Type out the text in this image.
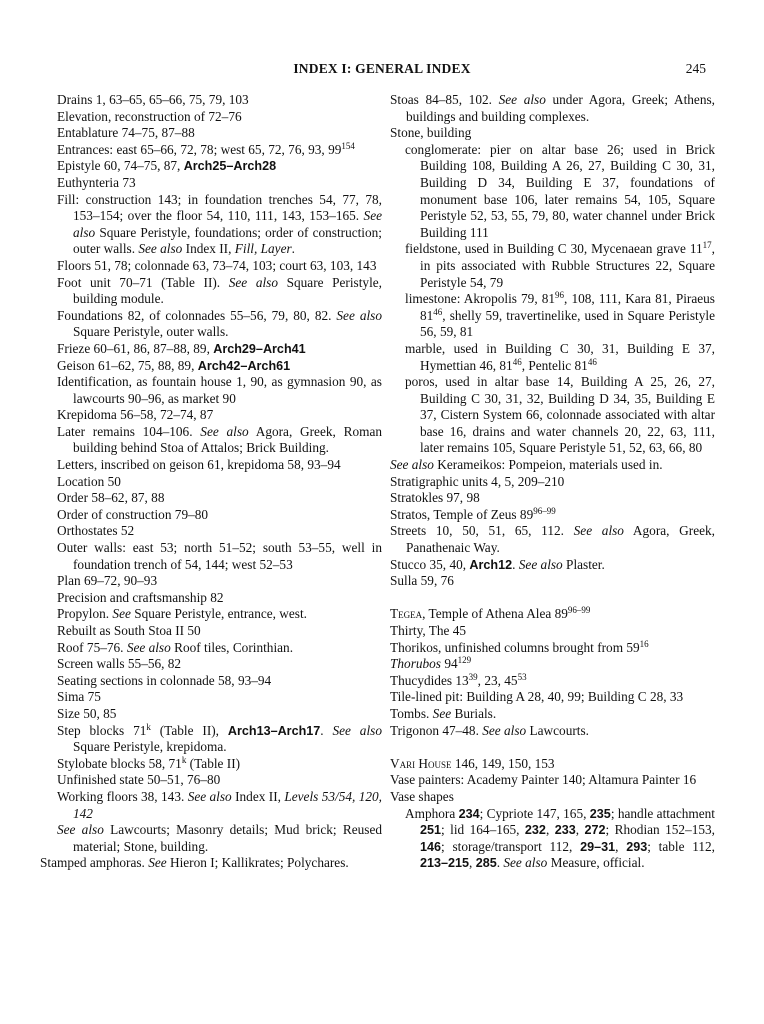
INDEX I: GENERAL INDEX	245

Drains 1, 63–65, 65–66, 75, 79, 103

Elevation, reconstruction of 72–76

Entablature 74–75, 87–88

Entrances: east 65–66, 72, 78; west 65, 72, 76, 93, $99^{154}$

Epistyle 60, 74–75, 87, Arch25–Arch28

Euthynteria 73

Fill: construction 143; in foundation trenches 54, 77, 78, 153–154; over the floor 54, 110, 111, 143, 153–165. See also Square Peristyle, foundations; order of construction; outer walls. See also Index II, Fill, Layer.

Floors 51, 78; colonnade 63, 73–74, 103; court 63, 103, 143

Foot unit 70–71 (Table II). See also Square Peristyle, building module.

Foundations 82, of colonnades 55–56, 79, 80, 82. See also Square Peristyle, outer walls.

Frieze 60–61, 86, 87–88, 89, Arch29–Arch41

Geison 61–62, 75, 88, 89, Arch42–Arch61

Identification, as fountain house 1, 90, as gymnasion 90, as lawcourts 90–96, as market 90

Krepidoma 56–58, 72–74, 87

Later remains 104–106. See also Agora, Greek, Roman building behind Stoa of Attalos; Brick Building.

Letters, inscribed on geison 61, krepidoma 58, 93–94

Location 50

Order 58–62, 87, 88

Order of construction 79–80

Orthostates 52

Outer walls: east 53; north 51–52; south 53–55, well in foundation trench of 54, 144; west 52–53

Plan 69–72, 90–93

Precision and craftsmanship 82

Propylon. See Square Peristyle, entrance, west.

Rebuilt as South Stoa II 50

Roof 75–76. See also Roof tiles, Corinthian.

Screen walls 55–56, 82

Seating sections in colonnade 58, 93–94

Sima 75

Size 50, 85

Step blocks 71$^k$ (Table II), Arch13–Arch17. See also Square Peristyle, krepidoma.

Stylobate blocks 58, 71$^k$ (Table II)

Unfinished state 50–51, 76–80

Working floors 38, 143. See also Index II, Levels 53/54, 120, 142

See also Lawcourts; Masonry details; Mud brick; Reused material; Stone, building.

Stamped amphoras. See Hieron I; Kallikrates; Polychares.

Stoas 84–85, 102. See also under Agora, Greek; Athens, buildings and building complexes.

Stone, building

conglomerate: pier on altar base 26; used in Brick Building 108, Building A 26, 27, Building C 30, 31, Building D 34, Building E 37, foundations of monument base 106, later remains 54, 105, Square Peristyle 52, 53, 55, 79, 80, water channel under Brick Building 111

fieldstone, used in Building C 30, Mycenaean grave $11^{17}$, in pits associated with Rubble Structures 22, Square Peristyle 54, 79

limestone: Akropolis 79, $81^{96}$, 108, 111, Kara 81, Piraeus $81^{46}$, shelly 59, travertinelike, used in Square Peristyle 56, 59, 81

marble, used in Building C 30, 31, Building E 37, Hymettian 46, $81^{46}$, Pentelic $81^{46}$

poros, used in altar base 14, Building A 25, 26, 27, Building C 30, 31, 32, Building D 34, 35, Building E 37, Cistern System 66, colonnade associated with altar base 16, drains and water channels 20, 22, 63, 111, later remains 105, Square Peristyle 51, 52, 63, 66, 80

See also Kerameikos: Pompeion, materials used in.

Stratigraphic units 4, 5, 209–210

Stratokles 97, 98

Stratos, Temple of Zeus 89$^{96-99}$

Streets 10, 50, 51, 65, 112. See also Agora, Greek, Panathenaic Way.

Stucco 35, 40, Arch12. See also Plaster.

Sulla 59, 76

Tegea, Temple of Athena Alea 89$^{96-99}$

Thirty, The 45

Thorikos, unfinished columns brought from $59^{16}$

Thorubos $94^{129}$

Thucydides $13^{39}$, 23, $45^{53}$

Tile-lined pit: Building A 28, 40, 99; Building C 28, 33

Tombs. See Burials.

Trigonon 47–48. See also Lawcourts.

Vari House 146, 149, 150, 153

Vase painters: Academy Painter 140; Altamura Painter 16

Vase shapes

Amphora 234; Cypriote 147, 165, 235; handle attachment 251; lid 164–165, 232, 233, 272; Rhodian 152–153, 146; storage/transport 112, 29–31, 293; table 112, 213–215, 285. See also Measure, official.
